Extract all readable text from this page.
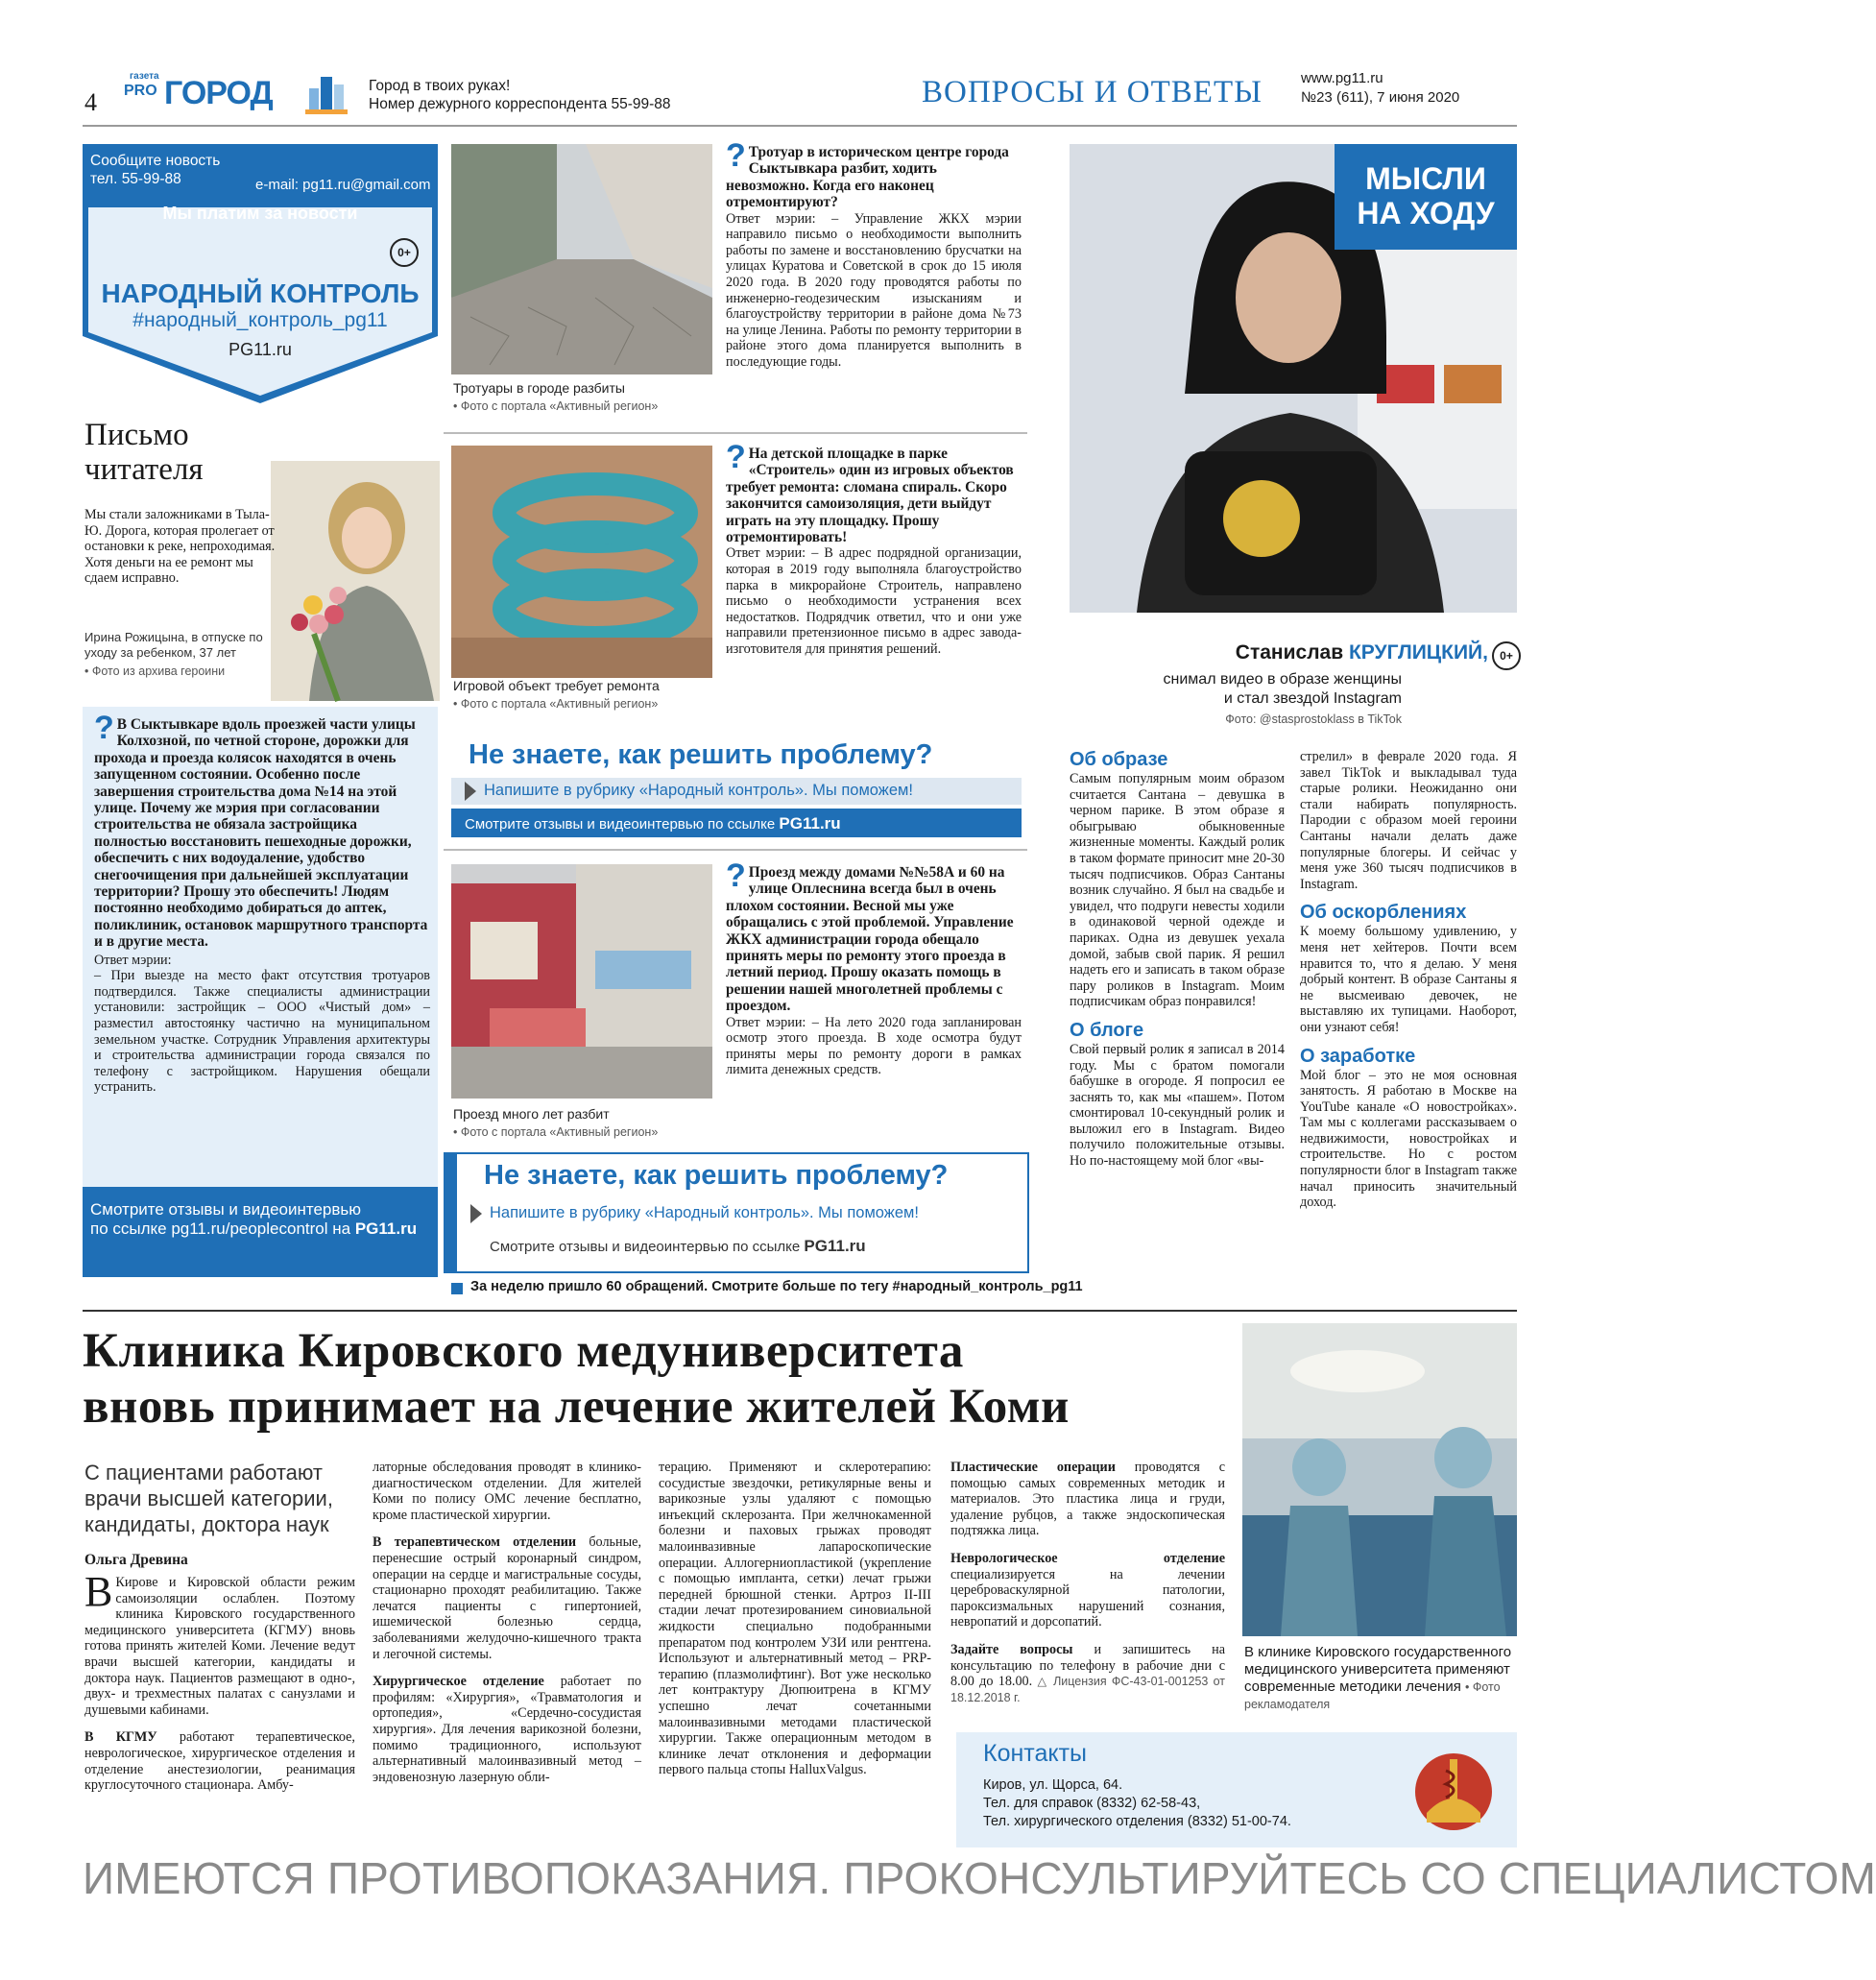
4
газета
PRO ГОРОД	Город в твоих руках!
Номер дежурного корреспондента 55-99-88	ВОПРОСЫ И ОТВЕТЫ	www.pg11.ru
№23 (611), 7 июня 2020
Сообщите новость
тел. 55-99-88	e-mail: pg11.ru@gmail.com
Мы платим за новости
0+
НАРОДНЫЙ КОНТРОЛЬ
#народный_контроль_pg11
PG11.ru
Письмо
читателя
Мы стали заложниками в Тыла-Ю. Дорога, которая пролегает от остановки к реке, непроходимая. Хотя деньги на ее ремонт мы сдаем исправно.
Ирина Рожицына, в отпуске по уходу за ребенком, 37 лет
• Фото из архива героини

? В Сыктывкаре вдоль проезжей части улицы Колхозной, по четной стороне, дорожки для прохода и проезда колясок находятся в очень запущенном состоянии. Особенно после завершения строительства дома №14 на этой улице. Почему же мэрия при согласовании строительства не обязала застройщика полностью восстановить пешеходные дорожки, обеспечить с них водоудаление, удобство снегоочищения при дальнейшей эксплуатации территории? Прошу это обеспечить! Людям постоянно необходимо добираться до аптек, поликлиник, остановок маршрутного транспорта и в другие места.

Ответ мэрии:

– При выезде на место факт отсутствия тротуаров подтвердился. Также специалисты администрации установили: застройщик – ООО «Чистый дом» – разместил автостоянку частично на муниципальном земельном участке. Сотрудник Управления архитектуры и строительства администрации города связался по телефону с застройщиком. Нарушения обещали устранить.

Смотрите отзывы и видеоинтервью
по ссылке pg11.ru/peoplecontrol на PG11.ru
Тротуары в городе разбиты
• Фото с портала «Активный регион»

? Тротуар в историческом центре города Сыктывкара разбит, ходить невозможно. Когда его наконец отремонтируют?

Ответ мэрии: – Управление ЖКХ мэрии направило письмо о необходимости выполнить работы по замене и восстановлению брусчатки на улицах Куратова и Советской в срок до 15 июля 2020 года. В 2020 году проводятся работы по инженерно-геодезическим изысканиям и благоустройству территории в районе дома №73 на улице Ленина. Работы по ремонту территории в районе этого дома планируется выполнить в последующие годы.

Игровой объект требует ремонта
• Фото с портала «Активный регион»

? На детской площадке в парке «Строитель» один из игровых объектов требует ремонта: сломана спираль. Скоро закончится самоизоляция, дети выйдут играть на эту площадку. Прошу отремонтировать!

Ответ мэрии: – В адрес подрядной организации, которая в 2019 году выполняла благоустройство парка в микрорайоне Строитель, направлено письмо о необходимости устранения всех недостатков. Подрядчик ответил, что и они уже направили претензионное письмо в адрес завода-изготовителя для принятия решений.

Не знаете, как решить проблему?
Напишите в рубрику «Народный контроль». Мы поможем!
Смотрите отзывы и видеоинтервью по ссылке PG11.ru
Проезд много лет разбит
• Фото с портала «Активный регион»

? Проезд между домами №№58А и 60 на улице Оплеснина всегда был в очень плохом состоянии. Весной мы уже обращались с этой проблемой. Управление ЖКХ администрации города обещало принять меры по ремонту этого проезда в летний период. Прошу оказать помощь в решении нашей многолетней проблемы с проездом.

Ответ мэрии: – На лето 2020 года запланирован осмотр этого проезда. В ходе осмотра будут приняты меры по ремонту дороги в рамках лимита денежных средств.

Не знаете, как решить проблему?
Напишите в рубрику «Народный контроль». Мы поможем!
Смотрите отзывы и видеоинтервью по ссылке PG11.ru
За неделю пришло 60 обращений. Смотрите больше по тегу #народный_контроль_pg11
МЫСЛИ
НА ХОДУ
Станислав КРУГЛИЦКИЙ,	0+
снимал видео в образе женщины
и стал звездой Instagram
Фото: @stasprostoklass в TikTok
Об образе

Самым популярным моим образом считается Сантана – девушка в черном парике. В этом образе я обыгрываю обыкновенные жизненные моменты. Каждый ролик в таком формате приносит мне 20-30 тысяч подписчиков. Образ Сантаны возник случайно. Я был на свадьбе и увидел, что подруги невесты ходили в одинаковой черной одежде и париках. Одна из девушек уехала домой, забыв свой парик. Я решил надеть его и записать в таком образе пару роликов в Instagram. Моим подписчикам образ понравился!

О блоге

Свой первый ролик я записал в 2014 году. Мы с братом помогали бабушке в огороде. Я попросил ее заснять то, как мы «пашем». Потом смонтировал 10-секундный ролик и выложил его в Instagram. Видео получило положительные отзывы. Но по-настоящему мой блог «вы-

стрелил» в феврале 2020 года. Я завел TikTok и выкладывал туда старые ролики. Неожиданно они стали набирать популярность. Пародии с образом моей героини Сантаны начали делать даже популярные блогеры. И сейчас у меня уже 360 тысяч подписчиков в Instagram.

Об оскорблениях

К моему большому удивлению, у меня нет хейтеров. Почти всем нравится то, что я делаю. У меня добрый контент. В образе Сантаны я не высмеиваю девочек, не выставляю их тупицами. Наоборот, они узнают себя!

О заработке

Мой блог – это не моя основная занятость. Я работаю в Москве на YouTube канале «О новостройках». Там мы с коллегами рассказываем о недвижимости, новостройках и строительстве. Но с ростом популярности блог в Instagram также начал приносить значительный доход.

Клиника Кировского медуниверситета
вновь принимает на лечение жителей Коми
С пациентами работают врачи высшей категории, кандидаты, доктора наук
Ольга Древина

В Кирове и Кировской области режим самоизоляции ослаблен. Поэтому клиника Кировского государственного медицинского университета (КГМУ) вновь готова принять жителей Коми. Лечение ведут врачи высшей категории, кандидаты и доктора наук. Пациентов размещают в одно-, двух- и трехместных палатах с санузлами и душевыми кабинами.

В КГМУ работают терапевтическое, неврологическое, хирургическое отделения и отделение анестезиологии, реанимация круглосуточного стационара. Амбу-

латорные обследования проводят в клинико-диагностическом отделении. Для жителей Коми по полису ОМС лечение бесплатно, кроме пластической хирургии.

В терапевтическом отделении больные, перенесшие острый коронарный синдром, операции на сердце и магистральные сосуды, стационарно проходят реабилитацию. Также лечатся пациенты с гипертонией, ишемической болезнью сердца, заболеваниями желудочно-кишечного тракта и легочной системы.

Хирургическое отделение работает по профилям: «Хирургия», «Травматология и ортопедия», «Сердечно-сосудистая хирургия». Для лечения варикозной болезни, помимо традиционного, используют альтернативный малоинвазивный метод – эндовенозную лазерную обли-

терацию. Применяют и склеротерапию: сосудистые звездочки, ретикулярные вены и варикозные узлы удаляют с помощью инъекций склерозанта. При желчнокаменной болезни и паховых грыжах проводят малоинвазивные лапароскопические операции. Аллогерниопластикой (укрепление с помощью импланта, сетки) лечат грыжи передней брюшной стенки. Артроз II-III стадии лечат протезированием синовиальной жидкости специально подобранными препаратом под контролем УЗИ или рентгена. Используют и альтернативный метод – PRP-терапию (плазмолифтинг). Вот уже несколько лет контрактуру Дюпюитрена в КГМУ успешно лечат сочетанными малоинвазивными методами пластической хирургии. Также операционным методом в клинике лечат отклонения и деформации первого пальца стопы HalluxValgus.

Пластические операции проводятся с помощью самых современных методик и материалов. Это пластика лица и груди, удаление рубцов, а также эндоскопическая подтяжка лица.

Неврологическое отделение специализируется на лечении цереброваскулярной патологии, пароксизмальных нарушений сознания, невропатий и дорсопатий.

Задайте вопросы и запишитесь на консультацию по телефону в рабочие дни с 8.00 до 18.00. △ Лицензия ФС-43-01-001253 от 18.12.2018 г.

В клинике Кировского государственного медицинского университета применяют современные методики лечения • Фото рекламодателя
Контакты
Киров, ул. Щорса, 64.
Тел. для справок (8332) 62-58-43,
Тел. хирургического отделения (8332) 51-00-74.
ИМЕЮТСЯ ПРОТИВОПОКАЗАНИЯ. ПРОКОНСУЛЬТИРУЙТЕСЬ СО СПЕЦИАЛИСТОМ
